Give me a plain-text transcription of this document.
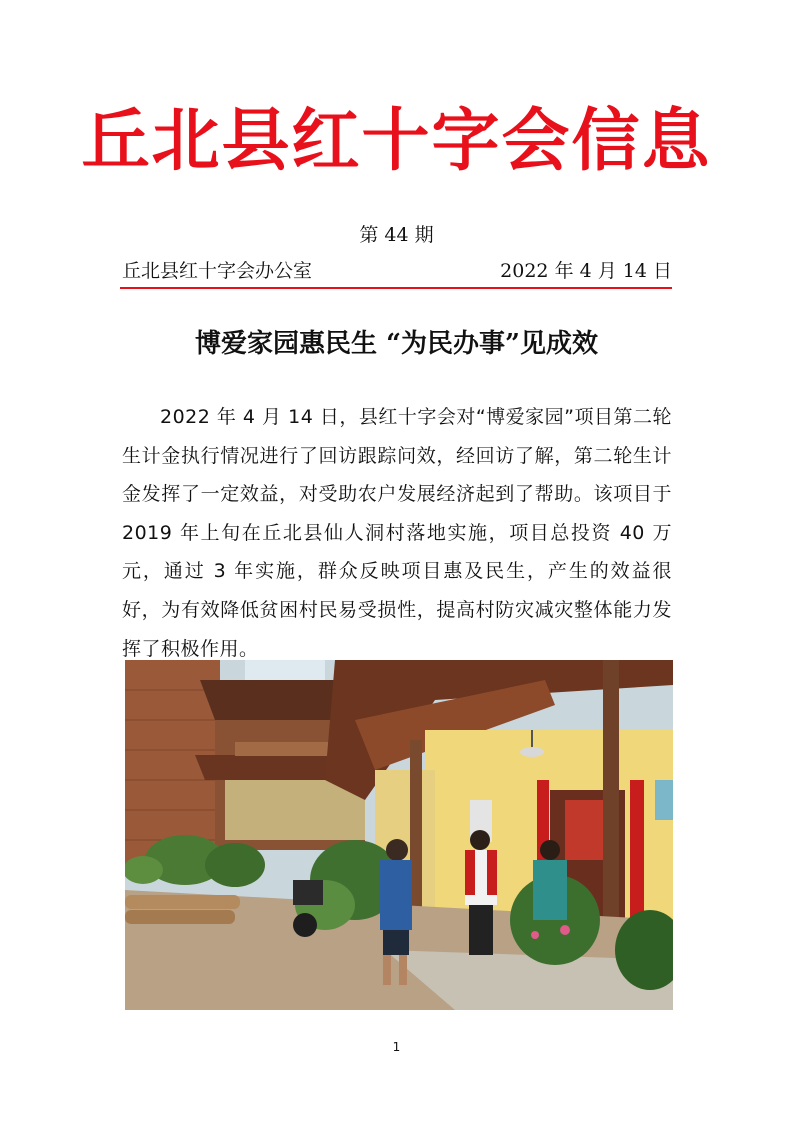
丘北县红十字会信息
第 44 期
丘北县红十字会办公室	2022 年 4 月 14 日
博爱家园惠民生 “为民办事”见成效
2022 年 4 月 14 日，县红十字会对“博爱家园”项目第二轮生计金执行情况进行了回访跟踪问效，经回访了解，第二轮生计金发挥了一定效益，对受助农户发展经济起到了帮助。该项目于 2019 年上旬在丘北县仙人洞村落地实施，项目总投资 40 万元，通过 3 年实施，群众反映项目惠及民生，产生的效益很好，为有效降低贫困村民易受损性，提高村防灾减灾整体能力发挥了积极作用。
1
